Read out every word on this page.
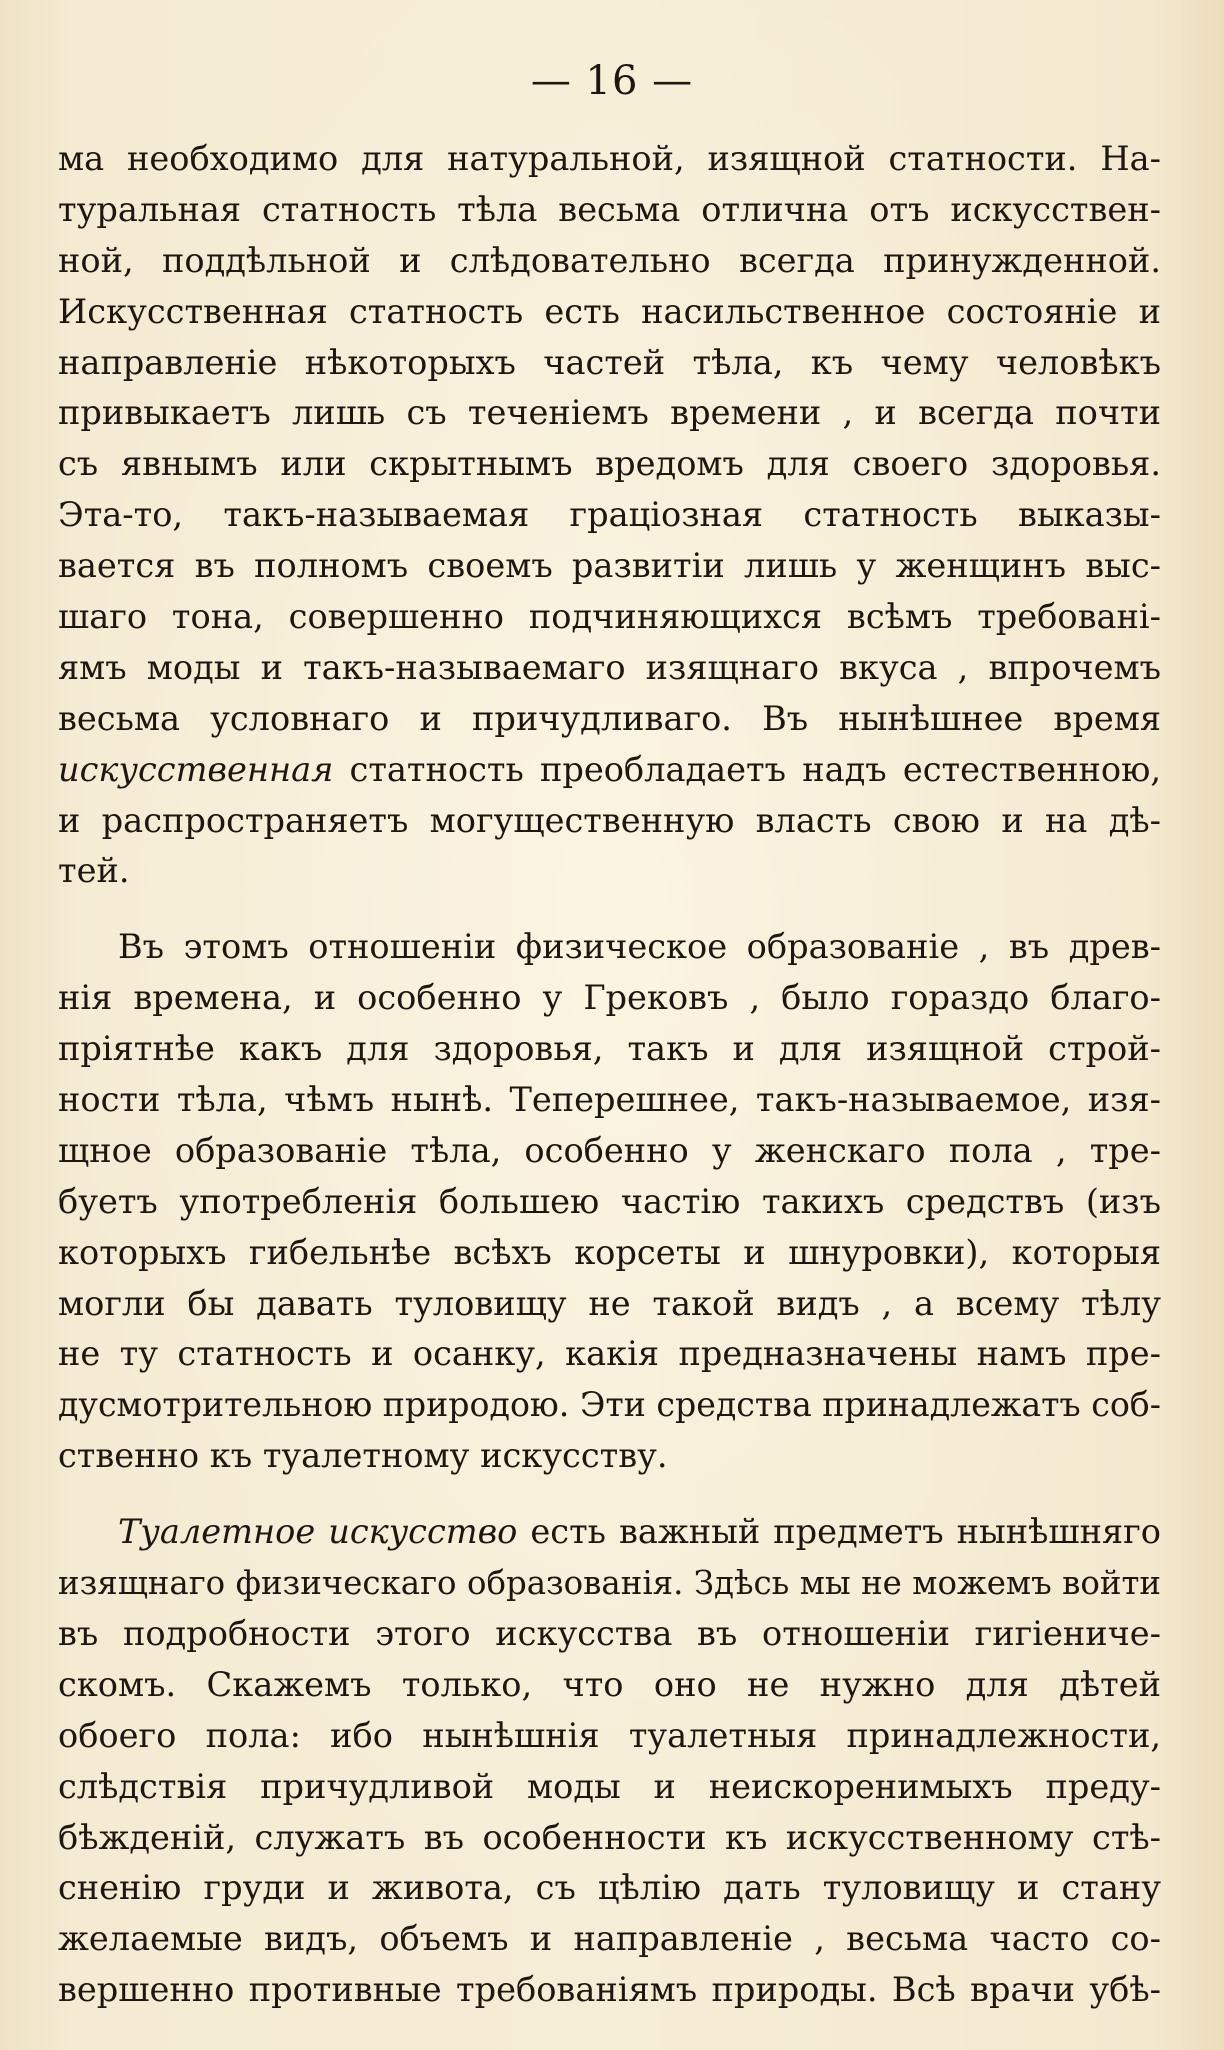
— 16 —
ма необходимо для натуральной, изящной статности. На-
туральная статность тѣла весьма отлична отъ искусствен-
ной, поддѣльной и слѣдовательно всегда принужденной.
Искусственная статность есть насильственное состояніе и
направленіе нѣкоторыхъ частей тѣла, къ чему человѣкъ
привыкаетъ лишь съ теченіемъ времени , и всегда почти
съ явнымъ или скрытнымъ вредомъ для своего здоровья.
Эта-то, такъ-называемая граціозная статность выказы-
вается въ полномъ своемъ развитіи лишь у женщинъ выс-
шаго тона, совершенно подчиняющихся всѣмъ требовані-
ямъ моды и такъ-называемаго изящнаго вкуса , впрочемъ
весьма условнаго и причудливаго. Въ нынѣшнее время
искусственная статность преобладаетъ надъ естественною,
и распространяетъ могущественную власть свою и на дѣ-
тей.
Въ этомъ отношеніи физическое образованіе , въ древ-
нія времена, и особенно у Грековъ , было гораздо благо-
пріятнѣе какъ для здоровья, такъ и для изящной строй-
ности тѣла, чѣмъ нынѣ. Теперешнее, такъ-называемое, изя-
щное образованіе тѣла, особенно у женскаго пола , тре-
буетъ употребленія большею частію такихъ средствъ (изъ
которыхъ гибельнѣе всѣхъ корсеты и шнуровки), которыя
могли бы давать туловищу не такой видъ , а всему тѣлу
не ту статность и осанку, какія предназначены намъ пре-
дусмотрительною природою. Эти средства принадлежатъ соб-
ственно къ туалетному искусству.
Туалетное искусство есть важный предметъ нынѣшняго
изящнаго физическаго образованія. Здѣсь мы не можемъ войти
въ подробности этого искусства въ отношеніи гигіеничe-
скомъ. Скажемъ только, что оно не нужно для дѣтей
обоего пола: ибо нынѣшнія туалетныя принадлежности,
слѣдствія причудливой моды и неискоренимыхъ преду-
бѣжденій, служатъ въ особенности къ искусственному стѣ-
сненію груди и живота, съ цѣлію дать туловищу и стану
желаемые видъ, объемъ и направленіе , весьма часто со-
вершенно противные требованіямъ природы. Всѣ врачи убѣ-
